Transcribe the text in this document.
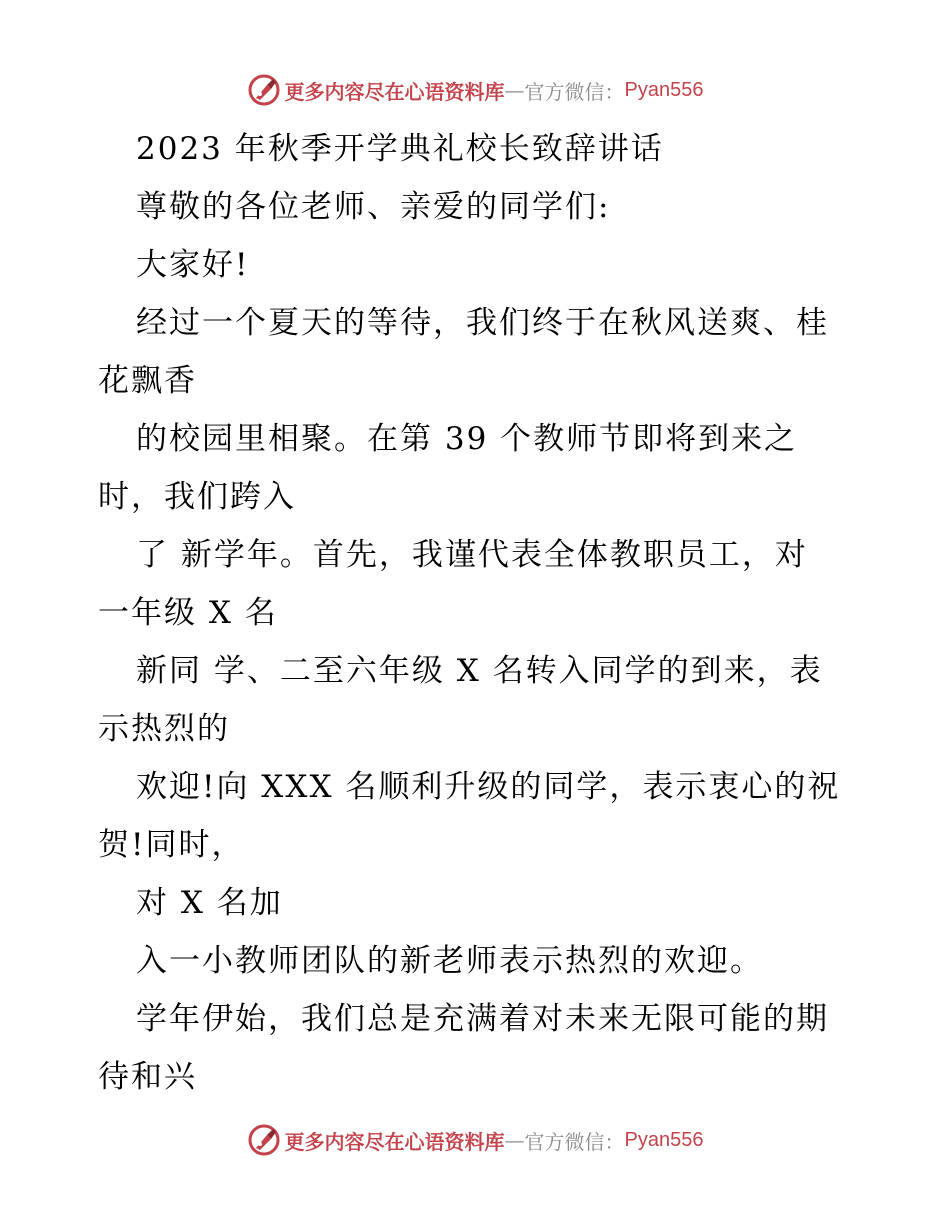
更多内容尽在心语资料库 — 官方微信： Pyan556

2023 年秋季开学典礼校长致辞讲话

尊敬的各位老师、亲爱的同学们:

大家好!

经过一个夏天的等待，我们终于在秋风送爽、桂

花飘香

的校园里相聚。在第 39 个教师节即将到来之

时，我们跨入

了 新学年。首先，我谨代表全体教职员工，对

一年级 X 名

新同 学、二至六年级 X 名转入同学的到来，表

示热烈的

欢迎!向 XXX 名顺利升级的同学，表示衷心的祝

贺!同时，

对 X 名加

入一小教师团队的新老师表示热烈的欢迎。

学年伊始，我们总是充满着对未来无限可能的期

待和兴

更多内容尽在心语资料库 — 官方微信： Pyan556
